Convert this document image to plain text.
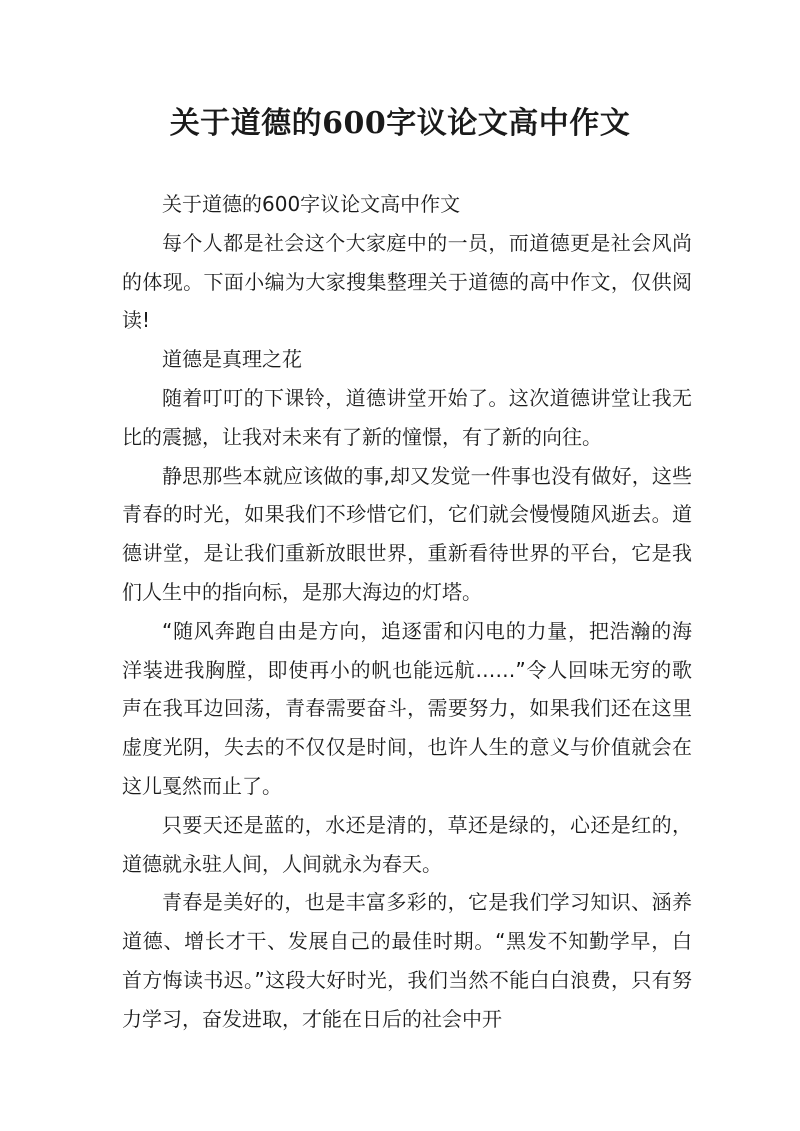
关于道德的600字议论文高中作文

关于道德的600字议论文高中作文

每个人都是社会这个大家庭中的一员，而道德更是社会风尚的体现。下面小编为大家搜集整理关于道德的高中作文，仅供阅读!

道德是真理之花

随着叮叮的下课铃，道德讲堂开始了。这次道德讲堂让我无比的震撼，让我对未来有了新的憧憬，有了新的向往。

静思那些本就应该做的事,却又发觉一件事也没有做好，这些青春的时光，如果我们不珍惜它们，它们就会慢慢随风逝去。道德讲堂，是让我们重新放眼世界，重新看待世界的平台，它是我们人生中的指向标，是那大海边的灯塔。

“随风奔跑自由是方向，追逐雷和闪电的力量，把浩瀚的海洋装进我胸膛，即使再小的帆也能远航……”令人回味无穷的歌声在我耳边回荡，青春需要奋斗，需要努力，如果我们还在这里虚度光阴，失去的不仅仅是时间，也许人生的意义与价值就会在这儿戛然而止了。

只要天还是蓝的，水还是清的，草还是绿的，心还是红的，道德就永驻人间，人间就永为春天。

青春是美好的，也是丰富多彩的，它是我们学习知识、涵养道德、增长才干、发展自己的最佳时期。“黑发不知勤学早，白首方悔读书迟。”这段大好时光，我们当然不能白白浪费，只有努力学习，奋发进取，才能在日后的社会中开
